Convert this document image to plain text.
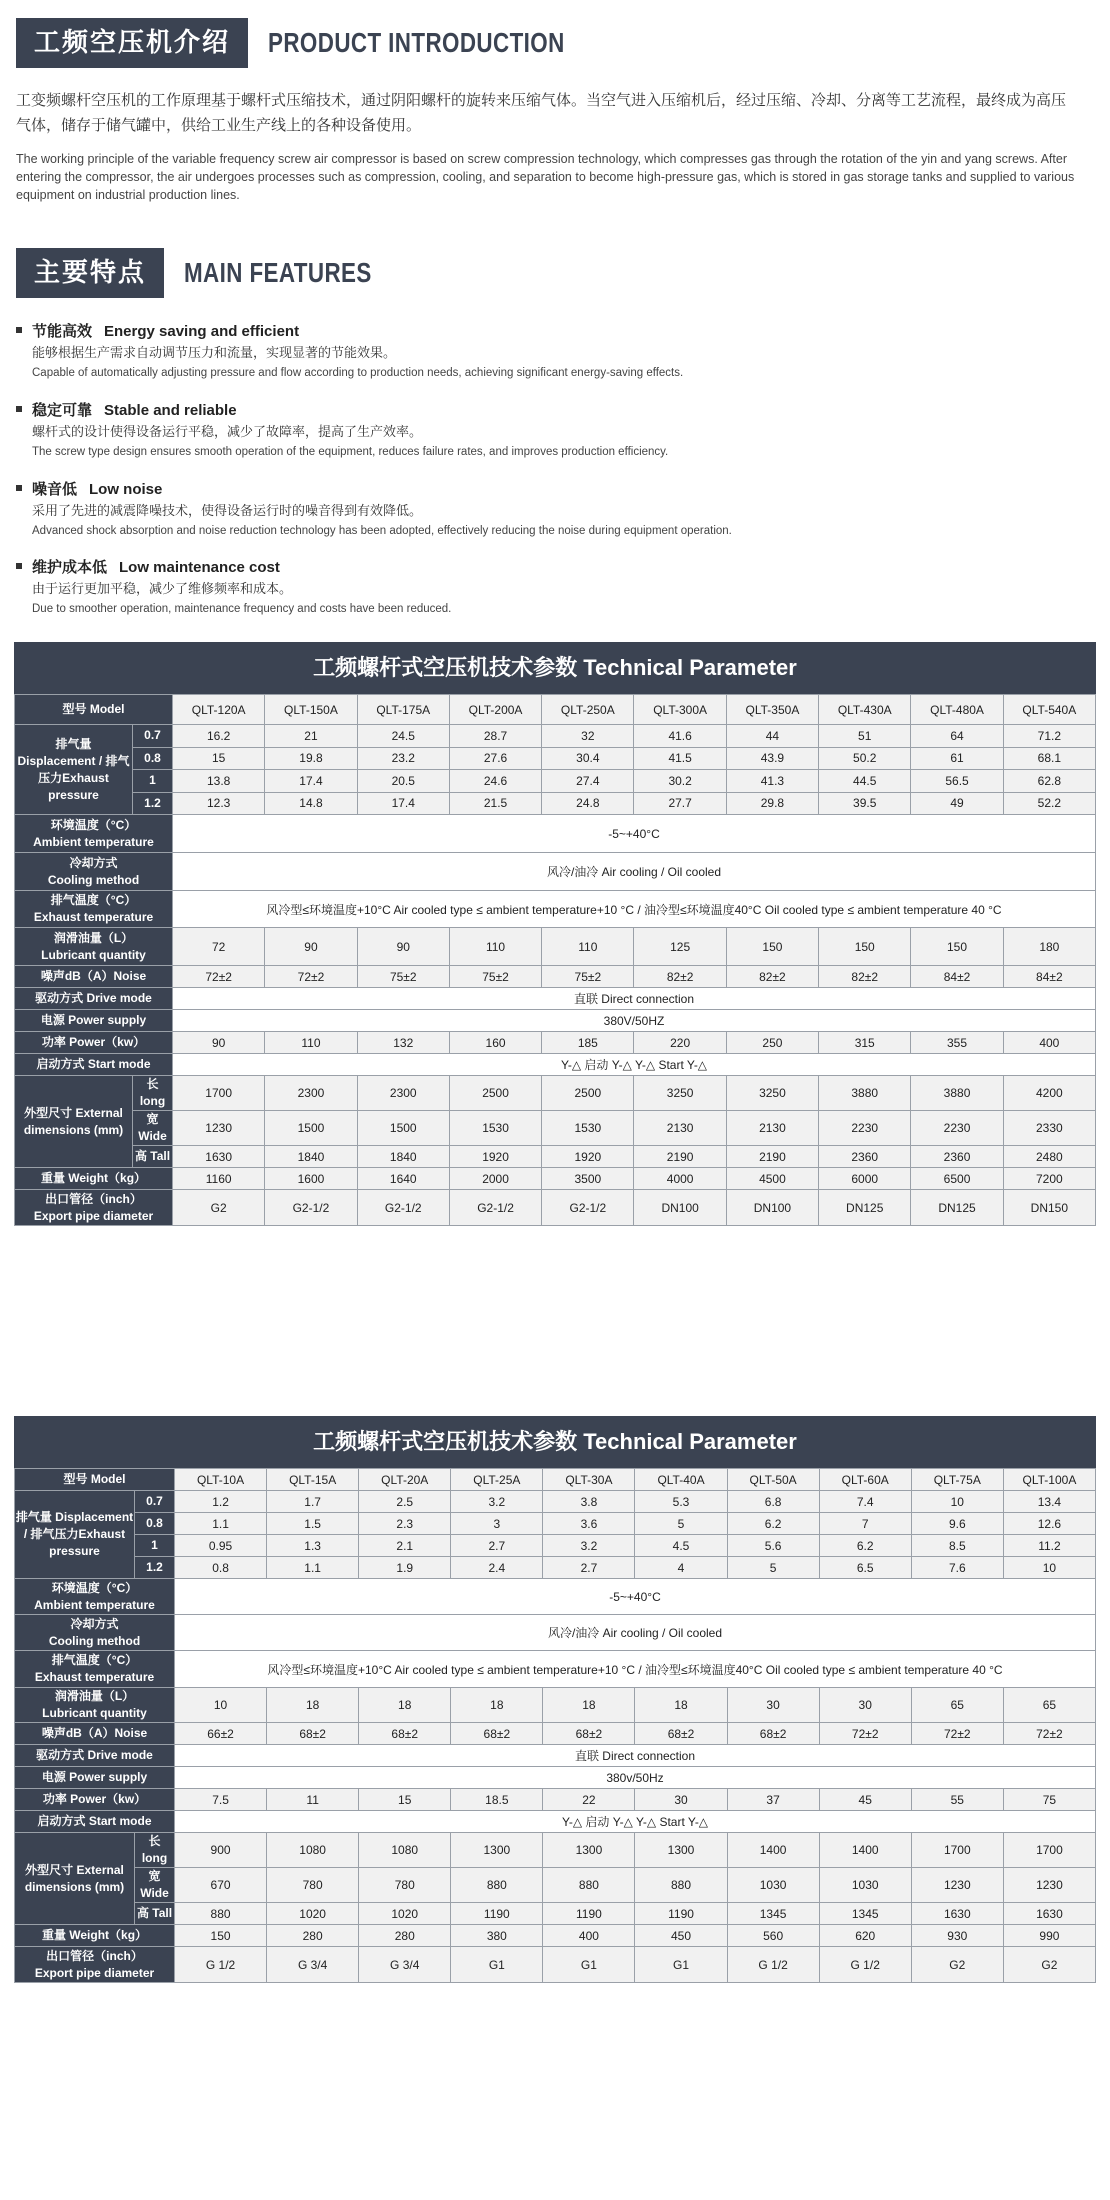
工频空压机介绍	PRODUCT INTRODUCTION
工变频螺杆空压机的工作原理基于螺杆式压缩技术，通过阴阳螺杆的旋转来压缩气体。当空气进入压缩机后，经过压缩、冷却、分离等工艺流程，最终成为高压气体，储存于储气罐中，供给工业生产线上的各种设备使用。
The working principle of the variable frequency screw air compressor is based on screw compression technology, which compresses gas through the rotation of the yin and yang screws. After entering the compressor, the air undergoes processes such as compression, cooling, and separation to become high-pressure gas, which is stored in gas storage tanks and supplied to various equipment on industrial production lines.
主要特点	MAIN FEATURES
节能高效 Energy saving and efficient
能够根据生产需求自动调节压力和流量，实现显著的节能效果。
Capable of automatically adjusting pressure and flow according to production needs, achieving significant energy-saving effects.
稳定可靠 Stable and reliable
螺杆式的设计使得设备运行平稳，减少了故障率，提高了生产效率。
The screw type design ensures smooth operation of the equipment, reduces failure rates, and improves production efficiency.
噪音低 Low noise
采用了先进的减震降噪技术，使得设备运行时的噪音得到有效降低。
Advanced shock absorption and noise reduction technology has been adopted, effectively reducing the noise during equipment operation.
维护成本低 Low maintenance cost
由于运行更加平稳，减少了维修频率和成本。
Due to smoother operation, maintenance frequency and costs have been reduced.
工频螺杆式空压机技术参数 Technical Parameter
型号 Model		QLT-120A	QLT-150A	QLT-175A	QLT-200A	QLT-250A	QLT-300A	QLT-350A	QLT-430A	QLT-480A	QLT-540A
排气量 Displacement / 排气压力Exhaust pressure	0.7	16.2	21	24.5	28.7	32	41.6	44	51	64	71.2
	0.8	15	19.8	23.2	27.6	30.4	41.5	43.9	50.2	61	68.1
	1	13.8	17.4	20.5	24.6	27.4	30.2	41.3	44.5	56.5	62.8
	1.2	12.3	14.8	17.4	21.5	24.8	27.7	29.8	39.5	49	52.2

环境温度（°C）
Ambient temperature		-5~+40°C									

冷却方式
Cooling method		风冷/油冷 Air cooling / Oil cooled									

排气温度（°C）
Exhaust temperature		风冷型≤环境温度+10°C Air cooled type ≤ ambient temperature+10 °C / 油冷型≤环境温度40°C Oil cooled type ≤ ambient temperature 40 °C									

润滑油量（L）
Lubricant quantity		72	90	90	110	110	125	150	150	150	180
噪声dB（A）Noise		72±2	72±2	75±2	75±2	75±2	82±2	82±2	82±2	84±2	84±2
驱动方式 Drive mode		直联 Direct connection									
电源 Power supply		380V/50HZ									
功率 Power（kw）		90	110	132	160	185	220	250	315	355	400
启动方式 Start mode		Y-△ 启动 Y-△ Y-△ Start Y-△									
外型尺寸 External dimensions (mm)	长 long	1700	2300	2300	2500	2500	3250	3250	3880	3880	4200
	宽 Wide	1230	1500	1500	1530	1530	2130	2130	2230	2230	2330
	高 Tall	1630	1840	1840	1920	1920	2190	2190	2360	2360	2480
重量 Weight（kg）		1160	1600	1640	2000	3500	4000	4500	6000	6500	7200

出口管径（inch）
Export pipe diameter		G2	G2-1/2	G2-1/2	G2-1/2	G2-1/2	DN100	DN100	DN125	DN125	DN150
工频螺杆式空压机技术参数 Technical Parameter
型号 Model		QLT-10A	QLT-15A	QLT-20A	QLT-25A	QLT-30A	QLT-40A	QLT-50A	QLT-60A	QLT-75A	QLT-100A
排气量 Displacement / 排气压力Exhaust pressure	0.7	1.2	1.7	2.5	3.2	3.8	5.3	6.8	7.4	10	13.4
	0.8	1.1	1.5	2.3	3	3.6	5	6.2	7	9.6	12.6
	1	0.95	1.3	2.1	2.7	3.2	4.5	5.6	6.2	8.5	11.2
	1.2	0.8	1.1	1.9	2.4	2.7	4	5	6.5	7.6	10

环境温度（°C）
Ambient temperature		-5~+40°C									

冷却方式
Cooling method		风冷/油冷 Air cooling / Oil cooled									

排气温度（°C）
Exhaust temperature		风冷型≤环境温度+10°C Air cooled type ≤ ambient temperature+10 °C / 油冷型≤环境温度40°C Oil cooled type ≤ ambient temperature 40 °C									

润滑油量（L）
Lubricant quantity		10	18	18	18	18	18	30	30	65	65
噪声dB（A）Noise		66±2	68±2	68±2	68±2	68±2	68±2	68±2	72±2	72±2	72±2
驱动方式 Drive mode		直联 Direct connection									
电源 Power supply		380v/50Hz									
功率 Power（kw）		7.5	11	15	18.5	22	30	37	45	55	75
启动方式 Start mode		Y-△ 启动 Y-△ Y-△ Start Y-△									
外型尺寸 External dimensions (mm)	长 long	900	1080	1080	1300	1300	1300	1400	1400	1700	1700
	宽 Wide	670	780	780	880	880	880	1030	1030	1230	1230
	高 Tall	880	1020	1020	1190	1190	1190	1345	1345	1630	1630
重量 Weight（kg）		150	280	280	380	400	450	560	620	930	990

出口管径（inch）
Export pipe diameter		G 1/2	G 3/4	G 3/4	G1	G1	G1	G 1/2	G 1/2	G2	G2
